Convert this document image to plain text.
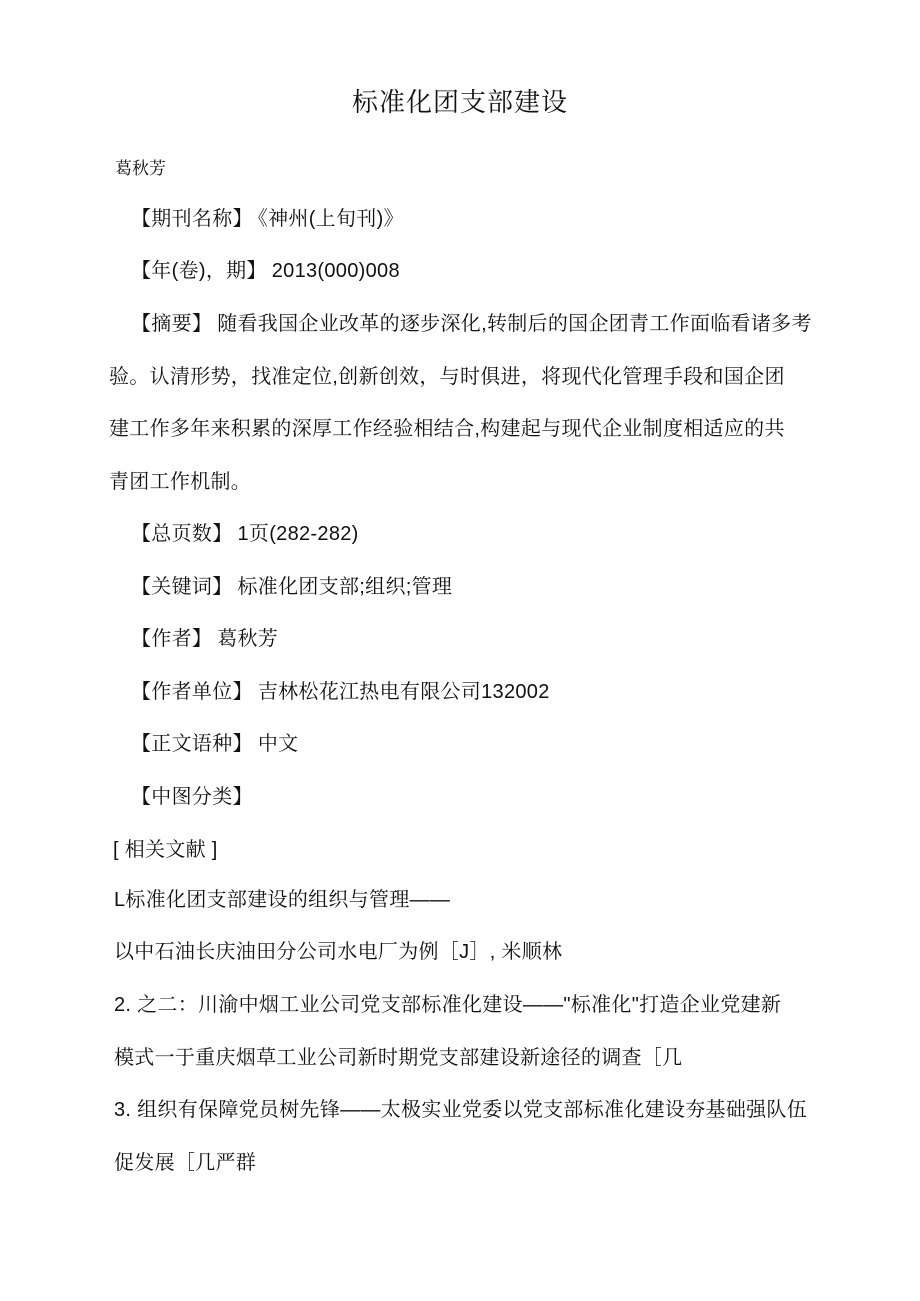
标准化团支部建设
葛秋芳
【期刊名称】 《神州(上旬刊)》
【年(卷)，期】 2013(000)008
【摘要】 随看我国企业改革的逐步深化,转制后的国企团青工作面临看诸多考
验。认清形势，找准定位,创新创效，与时俱进，将现代化管理手段和国企团
建工作多年来积累的深厚工作经验相结合,构建起与现代企业制度相适应的共
青团工作机制。
【总页数】 1页(282-282)
【关键词】 标准化团支部;组织;管理
【作者】 葛秋芳
【作者单位】 吉林松花江热电有限公司132002
【正文语种】 中文
【中图分类】
[ 相关文献 ]
L标准化团支部建设的组织与管理——
以中石油长庆油田分公司水电厂为例［J］, 米顺林
2. 之二：川渝中烟工业公司党支部标准化建设——"标准化"打造企业党建新
模式一于重庆烟草工业公司新时期党支部建设新途径的调查［几
3. 组织有保障党员树先锋——太极实业党委以党支部标准化建设夯基础强队伍
促发展［几严群
